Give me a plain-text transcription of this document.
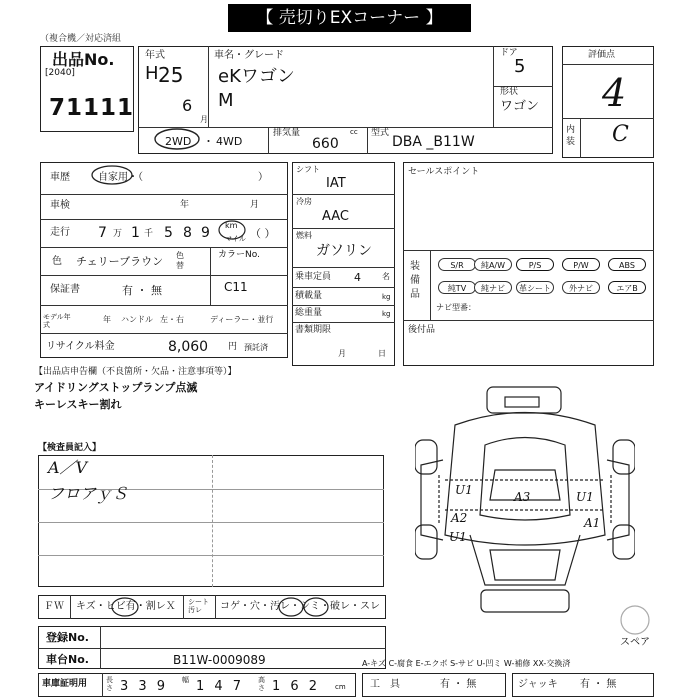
【 売切りEXコーナー 】
（複合機／対応済組
出品No.
[2040]
71111
年式
H 25
6
月
車名・グレード
eKワゴン
M
ドア
5
形状
ワゴン
2WD ・ 4WD
排気量
660
cc 型式
DBA _B11W
評価点
4
内装 C
車歴	自家用・（	）
車検	年	月
走行 7 万 1 千 5 8 9 km
マイル （ ）
色 チェリーブラウン 色替
カラーNo.
C11
保証書	有 ・ 無
モデル年式
年 ハンドル 左・右	ディーラー・並行
リサイクル料金	8,060 円 預託済
シフト
IAT
冷房
AAC
燃料
ガソリン
乗車定員 4	名
積載量	kg
総重量	kg
書類期限
月日
セールスポイント
装備品
S/R	純A/W	P/S	P/W	ABS
純TV	純ナビ	革シート	外ナビ	エアB
ナビ型番：
後付品
【出品店申告欄（不良箇所・欠品・注意事項等）】
アイドリングストップランプ点滅
キーレスキー割れ
【検査員記入】
A／V
フロアｙＳ	U1	A3	U1
A2
U1
A1
ＦＷ キズ・ヒビ有・割レＸ シート汚レ	コゲ・穴・汚レ・シミ・破レ・スレ
スペア
登録No.
車台No.	B11W-0009089	A-キズ C-腐食 E-エクボ S-サビ U-凹ミ W-補修 XX-交換済
車庫証明用	長さ 3 3 9 幅 1 4 7 高さ 1 6 2 cm 工具	有 ・ 無	ジャッキ 有 ・ 無
